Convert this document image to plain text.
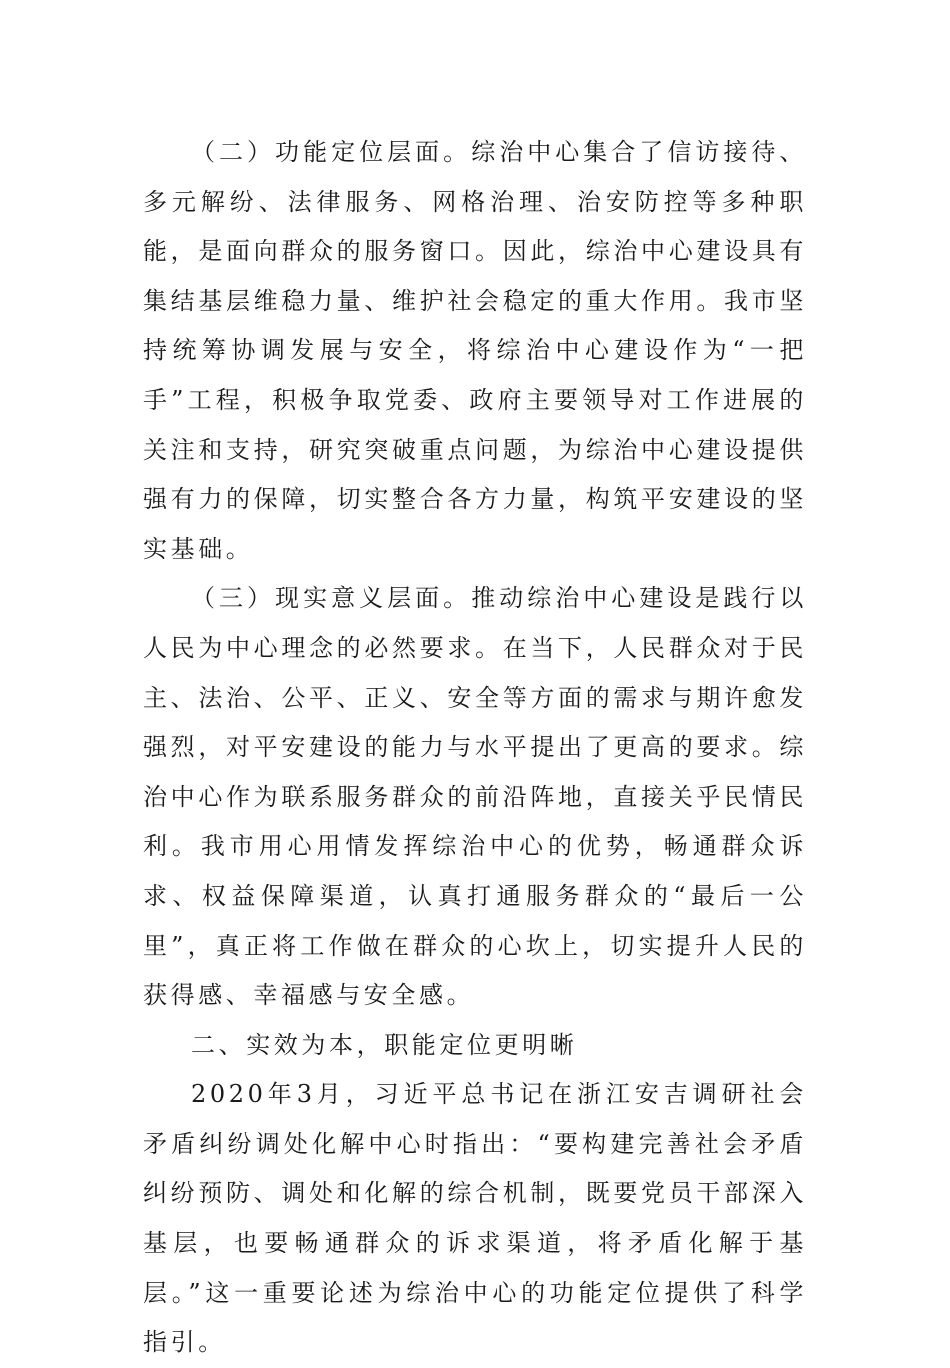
（二）功能定位层面。综治中心集合了信访接待、多元解纷、法律服务、网格治理、治安防控等多种职能，是面向群众的服务窗口。因此，综治中心建设具有集结基层维稳力量、维护社会稳定的重大作用。我市坚持统筹协调发展与安全，将综治中心建设作为“一把手”工程，积极争取党委、政府主要领导对工作进展的关注和支持，研究突破重点问题，为综治中心建设提供强有力的保障，切实整合各方力量，构筑平安建设的坚实基础。

（三）现实意义层面。推动综治中心建设是践行以人民为中心理念的必然要求。在当下，人民群众对于民主、法治、公平、正义、安全等方面的需求与期许愈发强烈，对平安建设的能力与水平提出了更高的要求。综治中心作为联系服务群众的前沿阵地，直接关乎民情民利。我市用心用情发挥综治中心的优势，畅通群众诉求、权益保障渠道，认真打通服务群众的“最后一公里”，真正将工作做在群众的心坎上，切实提升人民的获得感、幸福感与安全感。

二、实效为本，职能定位更明晰

2020年3月，习近平总书记在浙江安吉调研社会矛盾纠纷调处化解中心时指出：“要构建完善社会矛盾纠纷预防、调处和化解的综合机制，既要党员干部深入基层，也要畅通群众的诉求渠道，将矛盾化解于基层。”这一重要论述为综治中心的功能定位提供了科学指引。
